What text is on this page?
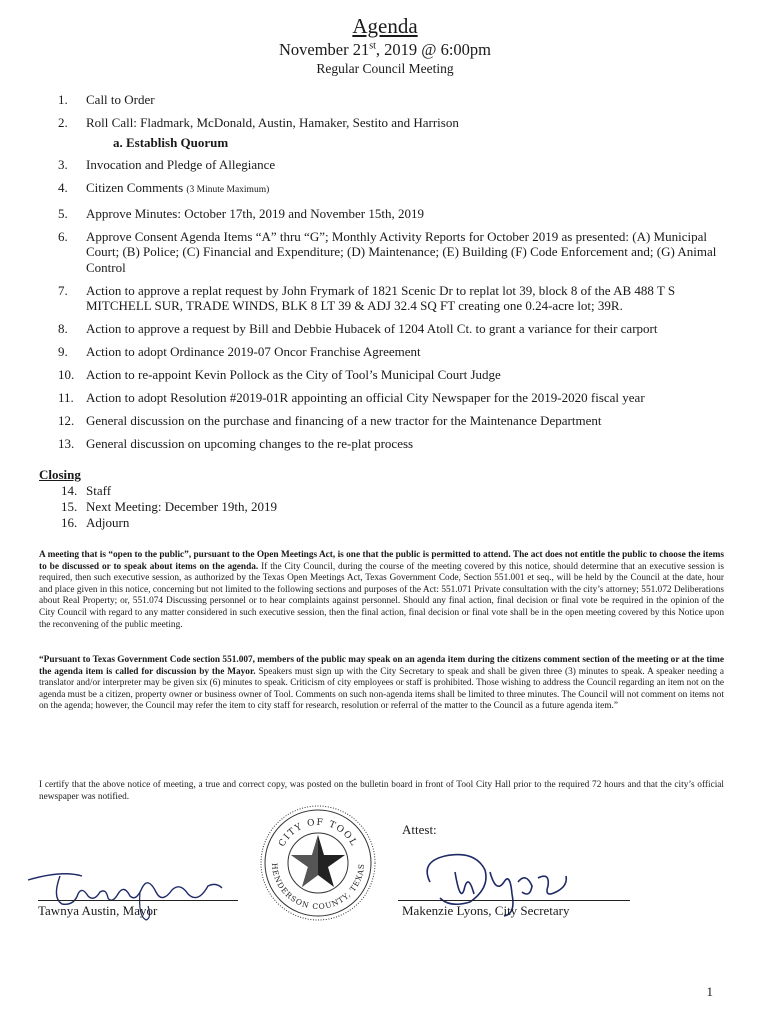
Agenda
November 21st, 2019 @ 6:00pm
Regular Council Meeting
1.	Call to Order
2.	Roll Call: Fladmark, McDonald, Austin, Hamaker, Sestito and Harrison
a. Establish Quorum
3.	Invocation and Pledge of Allegiance
4.	Citizen Comments (3 Minute Maximum)
5.	Approve Minutes: October 17th, 2019 and November 15th, 2019
6.	Approve Consent Agenda Items “A” thru “G”; Monthly Activity Reports for October 2019 as presented: (A) Municipal Court; (B) Police; (C) Financial and Expenditure; (D) Maintenance; (E) Building (F) Code Enforcement and; (G) Animal Control
7.	Action to approve a replat request by John Frymark of 1821 Scenic Dr to replat lot 39, block 8 of the AB 488 T S MITCHELL SUR, TRADE WINDS, BLK 8 LT 39 & ADJ 32.4 SQ FT creating one 0.24-acre lot; 39R.
8.	Action to approve a request by Bill and Debbie Hubacek of 1204 Atoll Ct. to grant a variance for their carport
9.	Action to adopt Ordinance 2019-07 Oncor Franchise Agreement
10. Action to re-appoint Kevin Pollock as the City of Tool’s Municipal Court Judge
11. Action to adopt Resolution #2019-01R appointing an official City Newspaper for the 2019-2020 fiscal year
12. General discussion on the purchase and financing of a new tractor for the Maintenance Department
13. General discussion on upcoming changes to the re-plat process
Closing
14. Staff
15. Next Meeting: December 19th, 2019
16. Adjourn
A meeting that is “open to the public”, pursuant to the Open Meetings Act, is one that the public is permitted to attend. The act does not entitle the public to choose the items to be discussed or to speak about items on the agenda. If the City Council, during the course of the meeting covered by this notice, should determine that an executive session is required, then such executive session, as authorized by the Texas Open Meetings Act, Texas Government Code, Section 551.001 et seq., will be held by the Council at the date, hour and place given in this notice, concerning but not limited to the following sections and purposes of the Act: 551.071 Private consultation with the city’s attorney; 551.072 Deliberations about Real Property; or, 551.074 Discussing personnel or to hear complaints against personnel. Should any final action, final decision or final vote be required in the opinion of the City Council with regard to any matter considered in such executive session, then the final action, final decision or final vote shall be in the open meeting covered by this Notice upon the reconvening of the public meeting.
“Pursuant to Texas Government Code section 551.007, members of the public may speak on an agenda item during the citizens comment section of the meeting or at the time the agenda item is called for discussion by the Mayor. Speakers must sign up with the City Secretary to speak and shall be given three (3) minutes to speak. A speaker needing a translator and/or interpreter may be given six (6) minutes to speak. Criticism of city employees or staff is prohibited. Those wishing to address the Council regarding an item not on the agenda must be a citizen, property owner or business owner of Tool. Comments on such non-agenda items shall be limited to three minutes. The Council will not comment on items not on the agenda; however, the Council may refer the item to city staff for research, resolution or referral of the matter to the Council as a future agenda item.”
I certify that the above notice of meeting, a true and correct copy, was posted on the bulletin board in front of Tool City Hall prior to the required 72 hours and that the city’s official newspaper was notified.
CITY OF TOOL
HENDERSON COUNTY, TEXAS
Attest:
Tawnya Austin, Mayor	Makenzie Lyons, City Secretary
1
